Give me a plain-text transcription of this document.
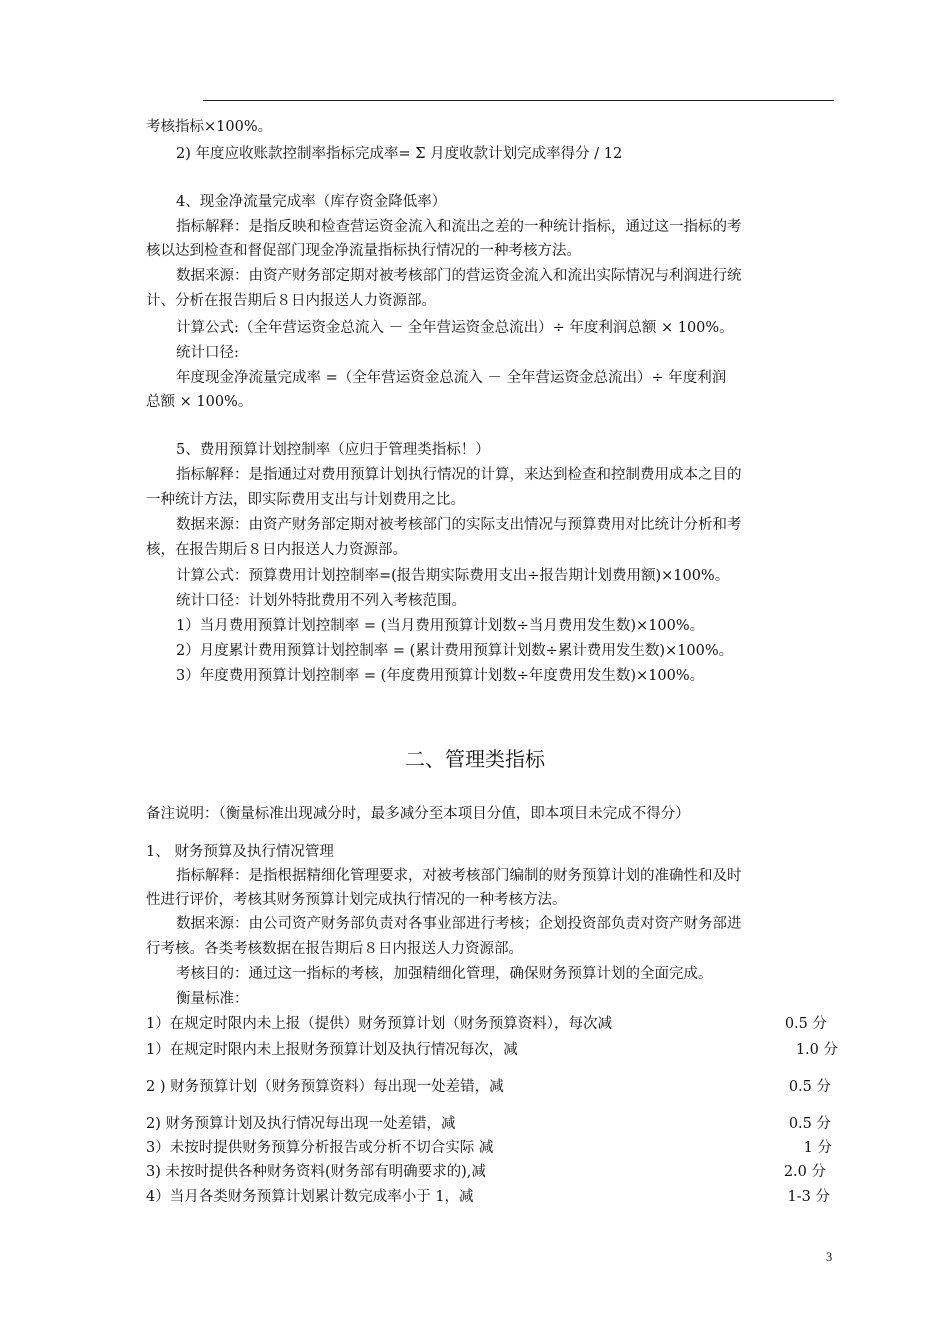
考核指标×100%。
2) 年度应收账款控制率指标完成率= Σ 月度收款计划完成率得分 / 12
4、现金净流量完成率（库存资金降低率）
指标解释：是指反映和检查营运资金流入和流出之差的一种统计指标，通过这一指标的考
核以达到检查和督促部门现金净流量指标执行情况的一种考核方法。
数据来源：由资产财务部定期对被考核部门的营运资金流入和流出实际情况与利润进行统
计、分析在报告期后８日内报送人力资源部。
计算公式:（全年营运资金总流入 － 全年营运资金总流出）÷ 年度利润总额 × 100%。
统计口径:
年度现金净流量完成率 =（全年营运资金总流入 － 全年营运资金总流出）÷ 年度利润
总额 × 100%。
5、费用预算计划控制率（应归于管理类指标！）
指标解释：是指通过对费用预算计划执行情况的计算，来达到检查和控制费用成本之目的
一种统计方法，即实际费用支出与计划费用之比。
数据来源：由资产财务部定期对被考核部门的实际支出情况与预算费用对比统计分析和考
核，在报告期后８日内报送人力资源部。
计算公式：预算费用计划控制率=(报告期实际费用支出÷报告期计划费用额)×100%。
统计口径：计划外特批费用不列入考核范围。
1）当月费用预算计划控制率 = (当月费用预算计划数÷当月费用发生数)×100%。
2）月度累计费用预算计划控制率 = (累计费用预算计划数÷累计费用发生数)×100%。
3）年度费用预算计划控制率 = (年度费用预算计划数÷年度费用发生数)×100%。
二、管理类指标
备注说明：（衡量标准出现减分时，最多减分至本项目分值，即本项目未完成不得分）
1、 财务预算及执行情况管理
指标解释：是指根据精细化管理要求，对被考核部门编制的财务预算计划的准确性和及时
性进行评价，考核其财务预算计划完成执行情况的一种考核方法。
数据来源：由公司资产财务部负责对各事业部进行考核；企划投资部负责对资产财务部进
行考核。各类考核数据在报告期后８日内报送人力资源部。
考核目的：通过这一指标的考核，加强精细化管理，确保财务预算计划的全面完成。
衡量标准：
1）在规定时限内未上报（提供）财务预算计划（财务预算资料），每次减	0.5 分
1）在规定时限内未上报财务预算计划及执行情况每次，减	1.0 分
2 ) 财务预算计划（财务预算资料）每出现一处差错，减	0.5 分
2) 财务预算计划及执行情况每出现一处差错，减	0.5 分
3）未按时提供财务预算分析报告或分析不切合实际 减	1 分
3) 未按时提供各种财务资料(财务部有明确要求的),减	2.0 分
4）当月各类财务预算计划累计数完成率小于 1，减	1-3 分
3
